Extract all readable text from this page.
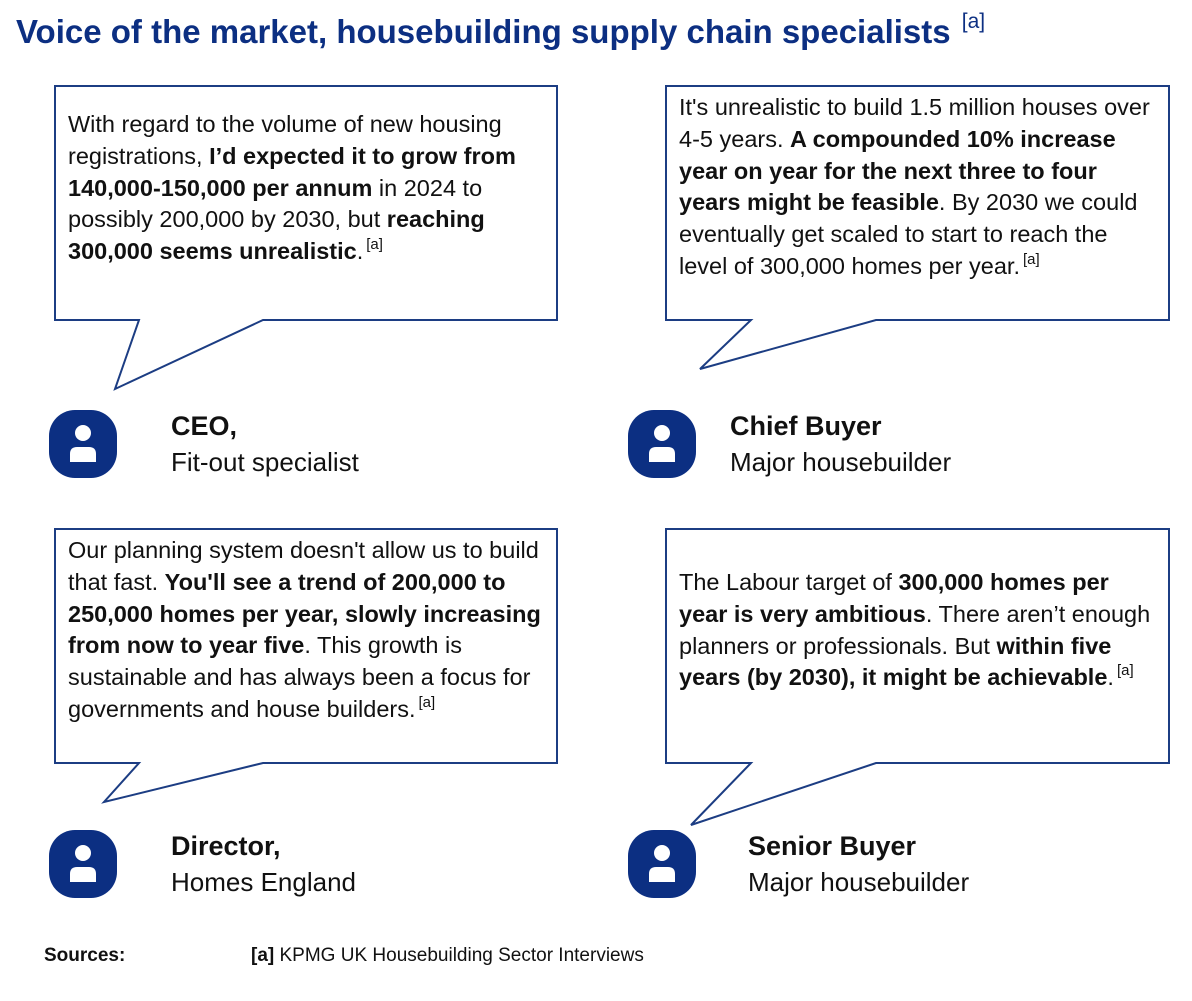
Voice of the market, housebuilding supply chain specialists [a]

With regard to the volume of new housing registrations, I’d expected it to grow from 140,000-150,000 per annum in 2024 to possibly 200,000 by 2030, but reaching 300,000 seems unrealistic. [a]

It's unrealistic to build 1.5 million houses over 4-5 years. A compounded 10% increase year on year for the next three to four years might be feasible. By 2030 we could eventually get scaled to start to reach the level of 300,000 homes per year. [a]

Our planning system doesn't allow us to build that fast. You'll see a trend of 200,000 to 250,000 homes per year, slowly increasing from now to year five. This growth is sustainable and has always been a focus for governments and house builders. [a]

The Labour target of 300,000 homes per year is very ambitious. There aren’t enough planners or professionals. But within five years (by 2030), it might be achievable. [a]

CEO,
Fit-out specialist
Chief Buyer
Major housebuilder
Director,
Homes England
Senior Buyer
Major housebuilder
Sources:	[a] KPMG UK Housebuilding Sector Interviews
